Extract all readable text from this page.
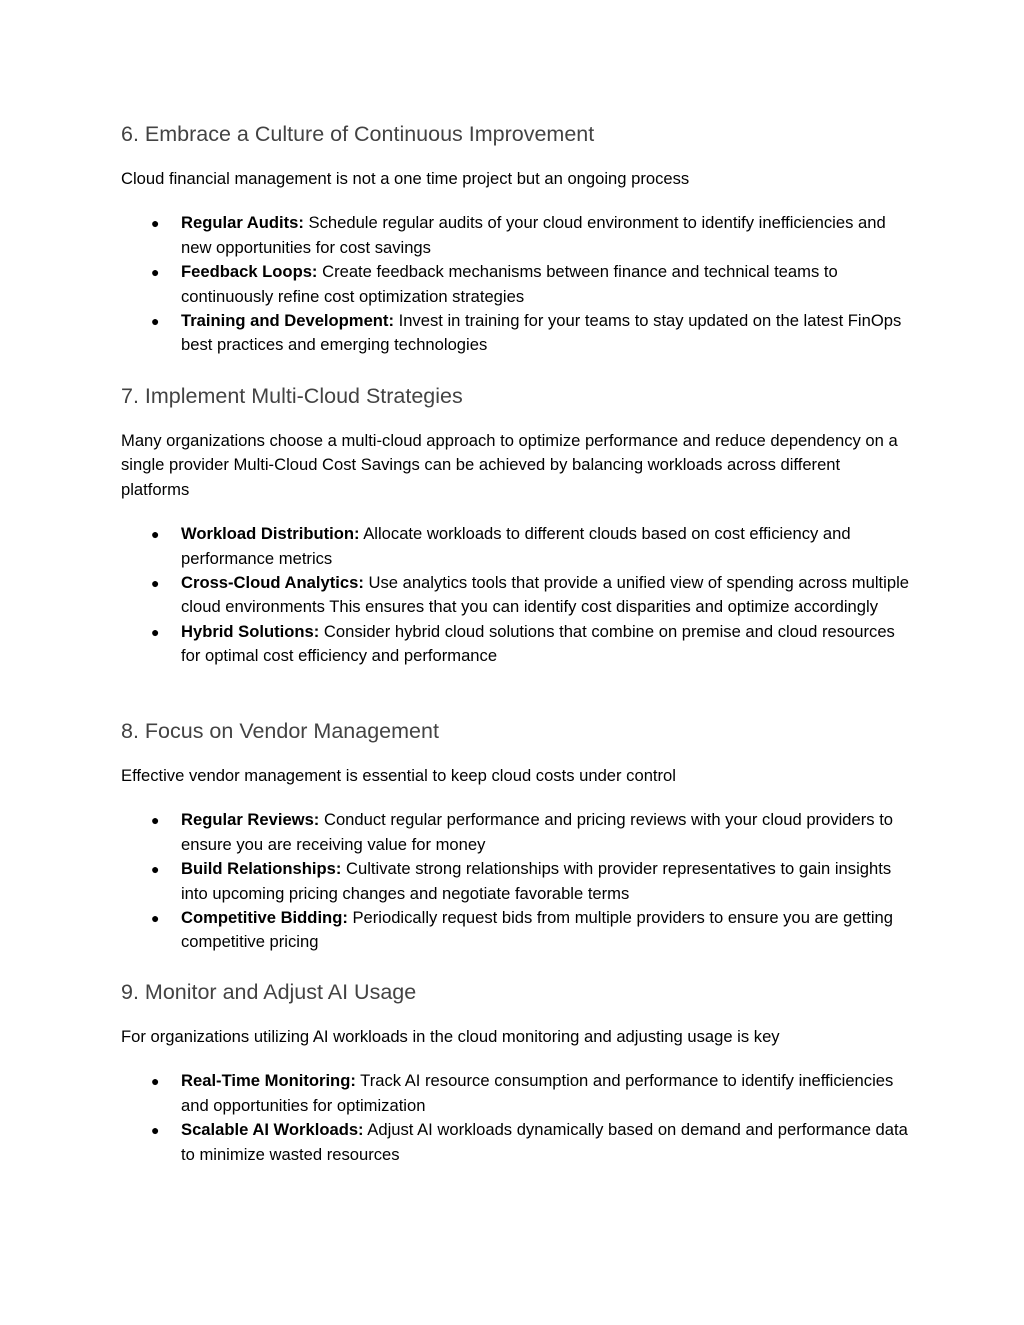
6. Embrace a Culture of Continuous Improvement

Cloud financial management is not a one time project but an ongoing process

● Regular Audits: Schedule regular audits of your cloud environment to identify inefficiencies and new opportunities for cost savings
● Feedback Loops: Create feedback mechanisms between finance and technical teams to continuously refine cost optimization strategies
● Training and Development: Invest in training for your teams to stay updated on the latest FinOps best practices and emerging technologies
7. Implement Multi-Cloud Strategies

Many organizations choose a multi-cloud approach to optimize performance and reduce dependency on a single provider Multi-Cloud Cost Savings can be achieved by balancing workloads across different platforms

● Workload Distribution: Allocate workloads to different clouds based on cost efficiency and performance metrics
● Cross-Cloud Analytics: Use analytics tools that provide a unified view of spending across multiple cloud environments This ensures that you can identify cost disparities and optimize accordingly
● Hybrid Solutions: Consider hybrid cloud solutions that combine on premise and cloud resources for optimal cost efficiency and performance
8. Focus on Vendor Management

Effective vendor management is essential to keep cloud costs under control

● Regular Reviews: Conduct regular performance and pricing reviews with your cloud providers to ensure you are receiving value for money
● Build Relationships: Cultivate strong relationships with provider representatives to gain insights into upcoming pricing changes and negotiate favorable terms
● Competitive Bidding: Periodically request bids from multiple providers to ensure you are getting competitive pricing
9. Monitor and Adjust AI Usage

For organizations utilizing AI workloads in the cloud monitoring and adjusting usage is key

● Real-Time Monitoring: Track AI resource consumption and performance to identify inefficiencies and opportunities for optimization
● Scalable AI Workloads: Adjust AI workloads dynamically based on demand and performance data to minimize wasted resources
